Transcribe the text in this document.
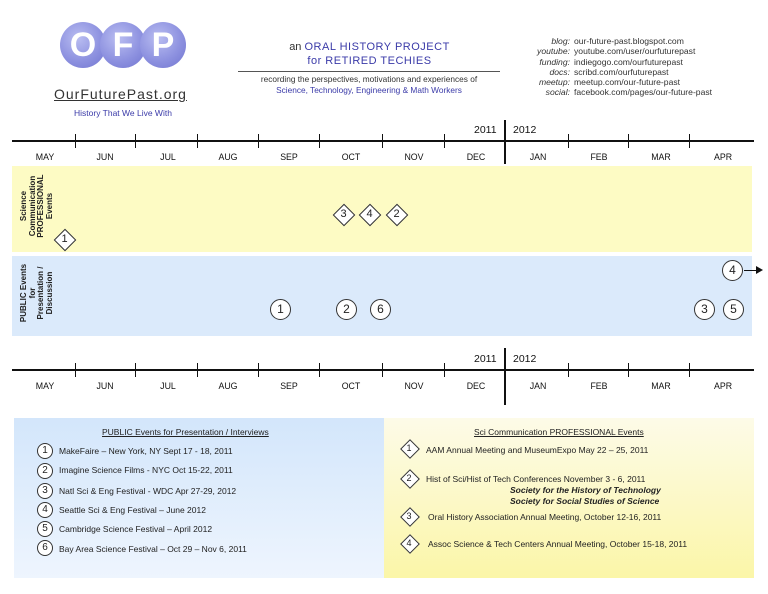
O F P
OurFuturePast.org
History That We Live With
an ORAL HISTORY PROJECT
for RETIRED TECHIES
recording the perspectives, motivations and experiences of
Science, Technology, Engineering & Math Workers
blog: our-future-past.blogspot.com
youtube: youtube.com/user/ourfuturepast
funding: indiegogo.com/ourfuturepast
docs: scribd.com/ourfuturepast
meetup: meetup.com/our-future-past
social: facebook.com/pages/our-future-past
2011 2012
MAY	JUN	JUL	AUG	SEP	OCT	NOV	DEC	JAN	FEB	MAR	APR
Science Communication PROFESSIONAL Events
1
3	4	2
PUBLIC Events for Presentation / Discussion
4
1	2	6	3	5
2011 2012
MAY	JUN	JUL	AUG	SEP	OCT	NOV	DEC	JAN	FEB	MAR	APR
PUBLIC Events for Presentation / Interviews
1	MakeFaire – New York, NY Sept 17 - 18, 2011
2	Imagine Science Films - NYC Oct 15-22, 2011
3	Natl Sci & Eng Festival - WDC Apr 27-29, 2012
4	Seattle Sci & Eng Festival – June 2012
5	Cambridge Science Festival – April 2012
6	Bay Area Science Festival – Oct 29 – Nov 6, 2011
Sci Communication PROFESSIONAL Events
1	AAM Annual Meeting and MuseumExpo May 22 – 25, 2011
2	Hist of Sci/Hist of Tech Conferences November 3 - 6, 2011
Society for the History of Technology
Society for Social Studies of Science
3	Oral History Association Annual Meeting, October 12-16, 2011
4	Assoc Science & Tech Centers Annual Meeting, October 15-18, 2011
